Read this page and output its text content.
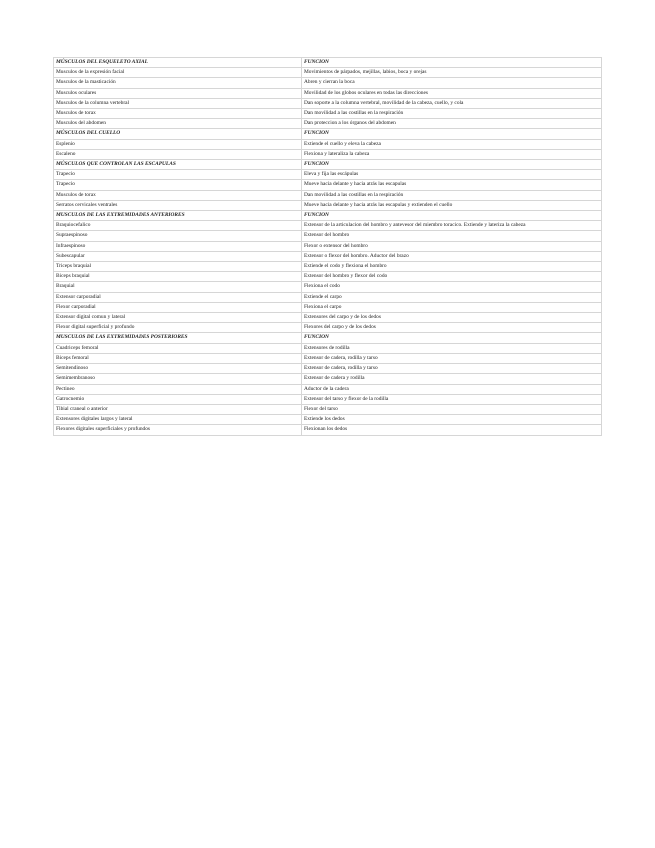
MÚSCULOS DEL ESQUELETO AXIAL	FUNCION
Musculos de la expresión facial	Movimientos de párpados, mejillas, labios, boca y orejas
Musculos de la masticación	Abren y cierran la boca
Musculos oculares	Movilidad de los globos oculares en todas las direcciones
Musculos de la columna vertebral	Dan soporte a la columna vertebral, movilidad de la cabeza, cuello, y cola
Musculos de torax	Dan movilidad a las costillas en la respiración
Musculos del abdomen	Dan proteccion a los órganos del abdomen
MÚSCULOS DEL CUELLO	FUNCION
Esplenio	Extiende el cuello y eleva la cabeza
Escaleno	Flexiona y lateraliza la cabeza
MÚSCULOS QUE CONTROLAN LAS ESCAPULAS	FUNCION
Trapecio	Eleva y fija las escápulas
Trapecio	Mueve hacia delante y hacia atrás las escapulas
Musculos de torax	Dan movilidad a las costillas en la respiración
Serratos cervicales ventrales	Mueve hacia delante y hacia atrás las escapulas y extienden el cuello
MUSCULOS DE LAS EXTREMIDADES ANTERIORES	FUNCION
Braquiocefalico	Extensor de la articulacion del hombro y antevesor del miembro toracico. Extiende y lateriza la cabeza
Supraespinoso	Extensor del hombro
Infraespinoso	Flexor o extensor del hombro
Subescapular	Extensor o flexor del hombro. Aductor del brazo
Triceps braquial	Extiende el codo y flexiona el hombro
Biceps braquial	Extensor del hombro y flexor del codo
Braquial	Flexiona el codo
Extensor carporadial	Extiende el carpo
Flexor carporadial	Flexiona el carpo
Extensor digital comun y lateral	Extensores del carpo y de los dedos
Flexor digital superficial y profundo	Flexores del carpo y de los dedos
MUSCULOS DE LAS EXTREMIDADES POSTERIORES	FUNCION
Cuadriceps femoral	Extensores de rodilla
Biceps femoral	Extensor de cadera, rodilla y tarso
Semitendinoso	Extensor de cadera, rodilla y tarso
Semimembranoso	Extensor de cadera y rodilla
Pectineo	Aductor de la cadera
Gatrocnemio	Extensor del tarso y flexor de la rodilla
Tibial craneal o anterior	Flexor del tarso
Extensores digitales largos y lateral	Extiende los dedos
Flexores digitales superficiales y profundos	Flexionan los dedos
